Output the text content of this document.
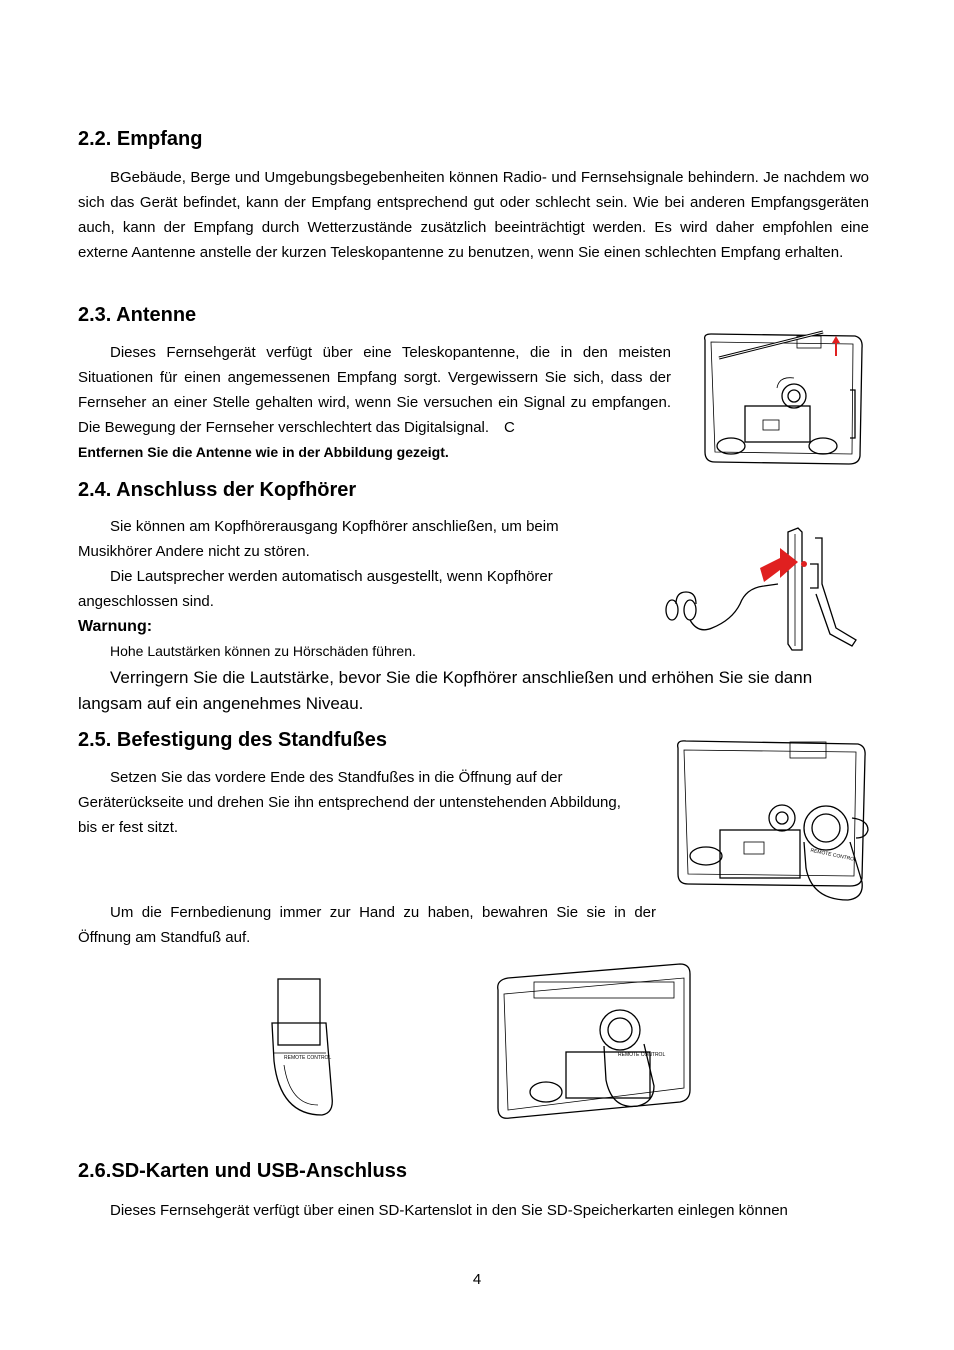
2.2. Empfang

BGebäude, Berge und Umgebungsbegebenheiten können Radio- und Fernsehsignale behindern. Je nachdem wo sich das Gerät befindet, kann der Empfang entsprechend gut oder schlecht sein. Wie bei anderen Empfangsgeräten auch, kann der Empfang durch Wetterzustände zusätzlich beeinträchtigt werden. Es wird daher empfohlen eine externe Aantenne anstelle der kurzen Teleskopantenne zu benutzen, wenn Sie einen schlechten Empfang erhalten.

2.3. Antenne

Dieses Fernsehgerät verfügt über eine Teleskopantenne, die in den meisten Situationen für einen angemessenen Empfang sorgt. Vergewissern Sie sich, dass der Fernseher an einer Stelle gehalten wird, wenn Sie versuchen ein Signal zu empfangen. Die Bewegung der Fernseher verschlechtert das Digitalsignal.　C

Entfernen Sie die Antenne wie in der Abbildung gezeigt.

2.4. Anschluss der Kopfhörer

Sie können am Kopfhörerausgang Kopfhörer anschließen, um beim Musikhörer Andere nicht zu stören.

Die Lautsprecher werden automatisch ausgestellt, wenn Kopfhörer angeschlossen sind.

Warnung:

Hohe Lautstärken können zu Hörschäden führen.

Verringern Sie die Lautstärke, bevor Sie die Kopfhörer anschließen und erhöhen Sie sie dann langsam auf ein angenehmes Niveau.

2.5. Befestigung des Standfußes

Setzen Sie das vordere Ende des Standfußes in die Öffnung auf der Geräterückseite und drehen Sie ihn entsprechend der untenstehenden Abbildung, bis er fest sitzt.

REMOTE CONTROL

Um die Fernbedienung immer zur Hand zu haben, bewahren Sie sie in der Öffnung am Standfuß auf.

REMOTE CONTROL	REMOTE CONTROL
2.6.SD-Karten und USB-Anschluss

Dieses Fernsehgerät verfügt über einen SD-Kartenslot in den Sie SD-Speicherkarten einlegen können

4
